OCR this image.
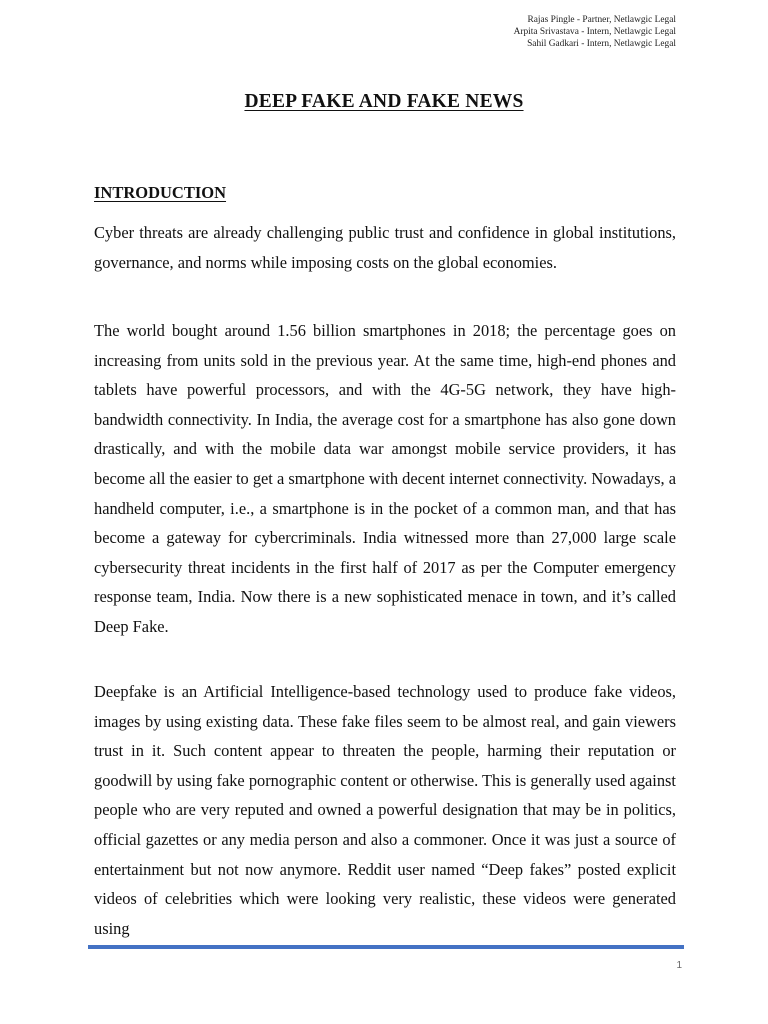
Rajas Pingle - Partner, Netlawgic Legal
Arpita Srivastava - Intern, Netlawgic Legal
Sahil Gadkari - Intern, Netlawgic Legal
DEEP FAKE AND FAKE NEWS
INTRODUCTION
Cyber threats are already challenging public trust and confidence in global institutions, governance, and norms while imposing costs on the global economies.
The world bought around 1.56 billion smartphones in 2018; the percentage goes on increasing from units sold in the previous year. At the same time, high-end phones and tablets have powerful processors, and with the 4G-5G network, they have high-bandwidth connectivity. In India, the average cost for a smartphone has also gone down drastically, and with the mobile data war amongst mobile service providers, it has become all the easier to get a smartphone with decent internet connectivity. Nowadays, a handheld computer, i.e., a smartphone is in the pocket of a common man, and that has become a gateway for cybercriminals. India witnessed more than 27,000 large scale cybersecurity threat incidents in the first half of 2017 as per the Computer emergency response team, India. Now there is a new sophisticated menace in town, and it’s called Deep Fake.
Deepfake is an Artificial Intelligence-based technology used to produce fake videos, images by using existing data. These fake files seem to be almost real, and gain viewers trust in it. Such content appear to threaten the people, harming their reputation or goodwill by using fake pornographic content or otherwise. This is generally used against people who are very reputed and owned a powerful designation that may be in politics, official gazettes or any media person and also a commoner. Once it was just a source of entertainment but not now anymore. Reddit user named “Deep fakes” posted explicit videos of celebrities which were looking very realistic, these videos were generated using
1
